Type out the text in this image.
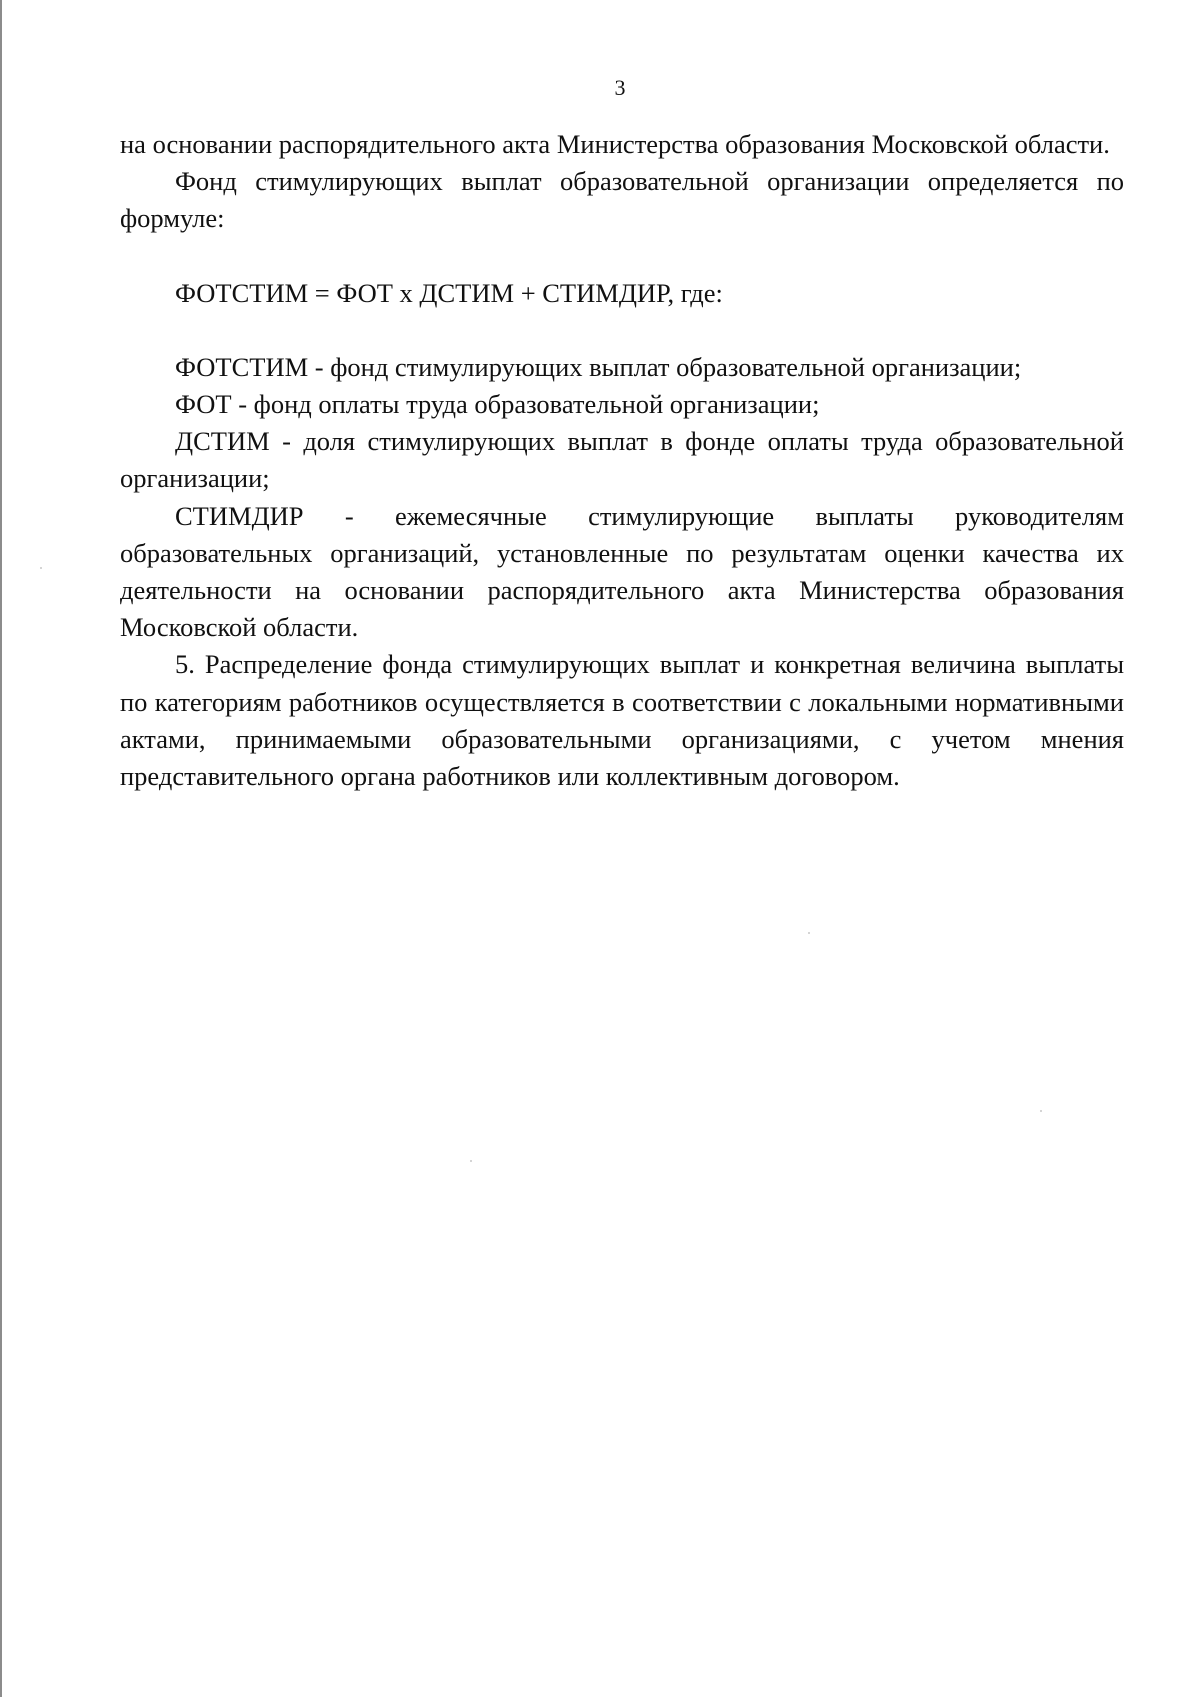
3

на основании распорядительного акта Министерства образования Московской области.

Фонд стимулирующих выплат образовательной организации определяется по формуле:

ФОТСТИМ = ФОТ х ДСТИМ + СТИМДИР, где:

ФОТСТИМ - фонд стимулирующих выплат образовательной организации;

ФОТ - фонд оплаты труда образовательной организации;

ДСТИМ - доля стимулирующих выплат в фонде оплаты труда образовательной организации;

СТИМДИР - ежемесячные стимулирующие выплаты руководителям образовательных организаций, установленные по результатам оценки качества их деятельности на основании распорядительного акта Министерства образования Московской области.

5. Распределение фонда стимулирующих выплат и конкретная величина выплаты по категориям работников осуществляется в соответствии с локальными нормативными актами, принимаемыми образовательными организациями, с учетом мнения представительного органа работников или коллективным договором.
